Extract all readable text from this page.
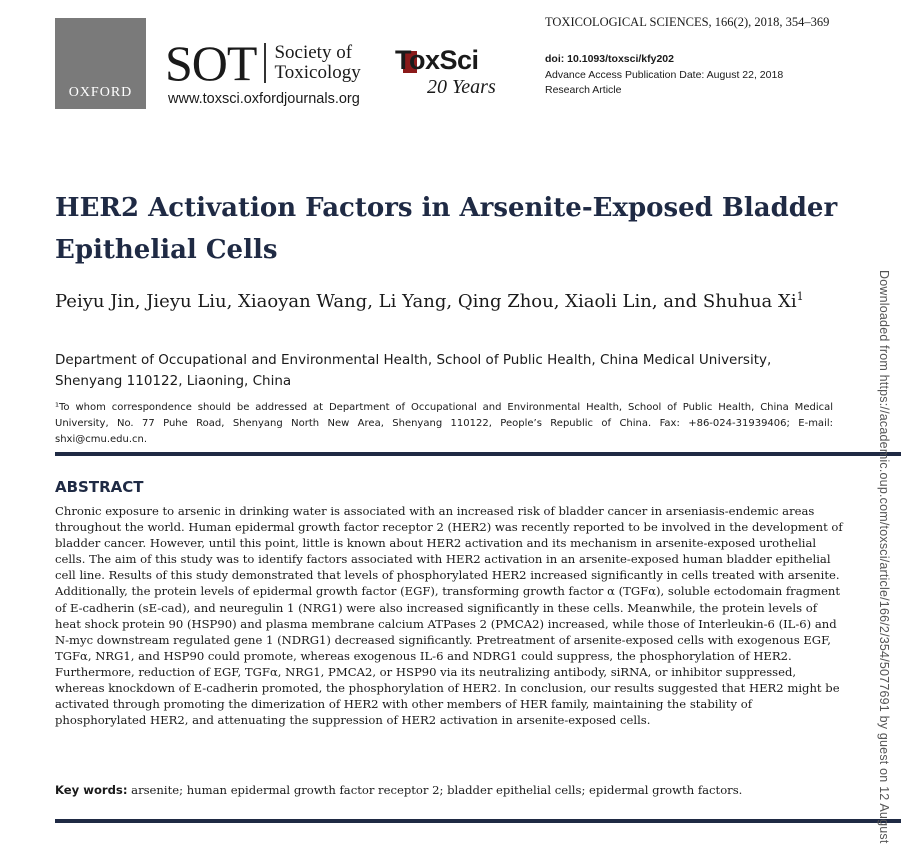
OXFORD
SOT Society of
Toxicology
www.toxsci.oxfordjournals.org
ToxSci
20 Years
TOXICOLOGICAL SCIENCES, 166(2), 2018, 354–369
doi: 10.1093/toxsci/kfy202
Advance Access Publication Date: August 22, 2018
Research Article
HER2 Activation Factors in Arsenite-Exposed Bladder Epithelial Cells
Peiyu Jin, Jieyu Liu, Xiaoyan Wang, Li Yang, Qing Zhou, Xiaoli Lin, and Shuhua Xi$^1$
Department of Occupational and Environmental Health, School of Public Health, China Medical University, Shenyang 110122, Liaoning, China
¹To whom correspondence should be addressed at Department of Occupational and Environmental Health, School of Public Health, China Medical University, No. 77 Puhe Road, Shenyang North New Area, Shenyang 110122, People’s Republic of China. Fax: +86-024-31939406; E-mail: shxi@cmu.edu.cn.
ABSTRACT

Chronic exposure to arsenic in drinking water is associated with an increased risk of bladder cancer in arseniasis-endemic areas throughout the world. Human epidermal growth factor receptor 2 (HER2) was recently reported to be involved in the development of bladder cancer. However, until this point, little is known about HER2 activation and its mechanism in arsenite-exposed urothelial cells. The aim of this study was to identify factors associated with HER2 activation in an arsenite-exposed human bladder epithelial cell line. Results of this study demonstrated that levels of phosphorylated HER2 increased significantly in cells treated with arsenite. Additionally, the protein levels of epidermal growth factor (EGF), transforming growth factor α (TGFα), soluble ectodomain fragment of E-cadherin (sE-cad), and neuregulin 1 (NRG1) were also increased significantly in these cells. Meanwhile, the protein levels of heat shock protein 90 (HSP90) and plasma membrane calcium ATPases 2 (PMCA2) increased, while those of Interleukin-6 (IL-6) and N-myc downstream regulated gene 1 (NDRG1) decreased significantly. Pretreatment of arsenite-exposed cells with exogenous EGF, TGFα, NRG1, and HSP90 could promote, whereas exogenous IL-6 and NDRG1 could suppress, the phosphorylation of HER2. Furthermore, reduction of EGF, TGFα, NRG1, PMCA2, or HSP90 via its neutralizing antibody, siRNA, or inhibitor suppressed, whereas knockdown of E-cadherin promoted, the phosphorylation of HER2. In conclusion, our results suggested that HER2 might be activated through promoting the dimerization of HER2 with other members of HER family, maintaining the stability of phosphorylated HER2, and attenuating the suppression of HER2 activation in arsenite-exposed cells.

Key words: arsenite; human epidermal growth factor receptor 2; bladder epithelial cells; epidermal growth factors.	Downloaded from https://academic.oup.com/toxsci/article/166/2/354/5077691 by guest on 12 August
